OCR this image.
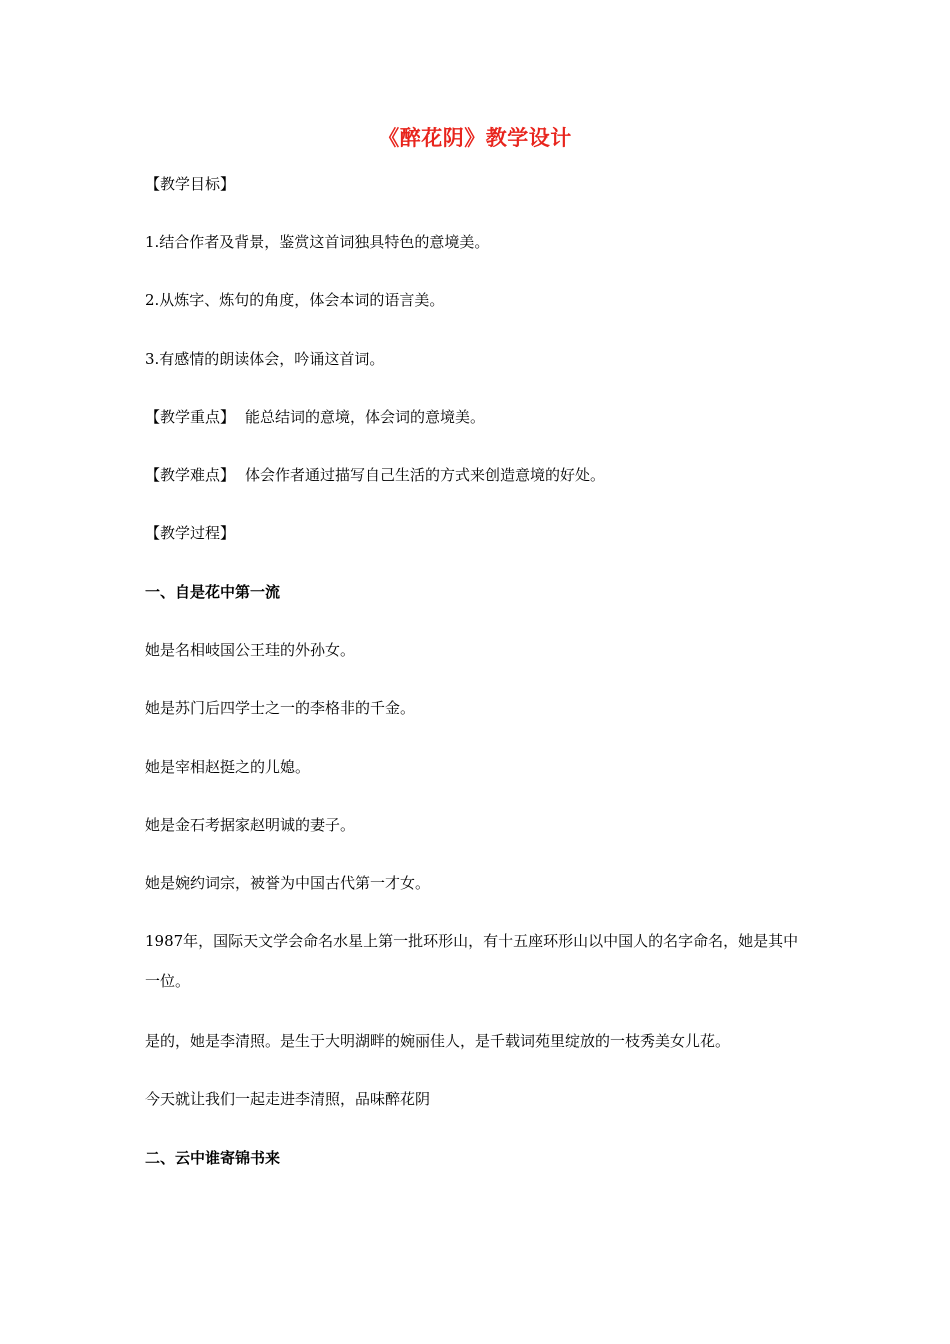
《醉花阴》教学设计
【教学目标】
1.结合作者及背景，鉴赏这首词独具特色的意境美。
2.从炼字、炼句的角度，体会本词的语言美。
3.有感情的朗读体会，吟诵这首词。
【教学重点】 能总结词的意境，体会词的意境美。
【教学难点】 体会作者通过描写自己生活的方式来创造意境的好处。
【教学过程】
一、自是花中第一流
她是名相岐国公王珪的外孙女。
她是苏门后四学士之一的李格非的千金。
她是宰相赵挺之的儿媳。
她是金石考据家赵明诚的妻子。
她是婉约词宗，被誉为中国古代第一才女。
1987年，国际天文学会命名水星上第一批环形山，有十五座环形山以中国人的名字命名，她是其中一位。
是的，她是李清照。是生于大明湖畔的婉丽佳人，是千载词苑里绽放的一枝秀美女儿花。
今天就让我们一起走进李清照，品味醉花阴
二、云中谁寄锦书来
